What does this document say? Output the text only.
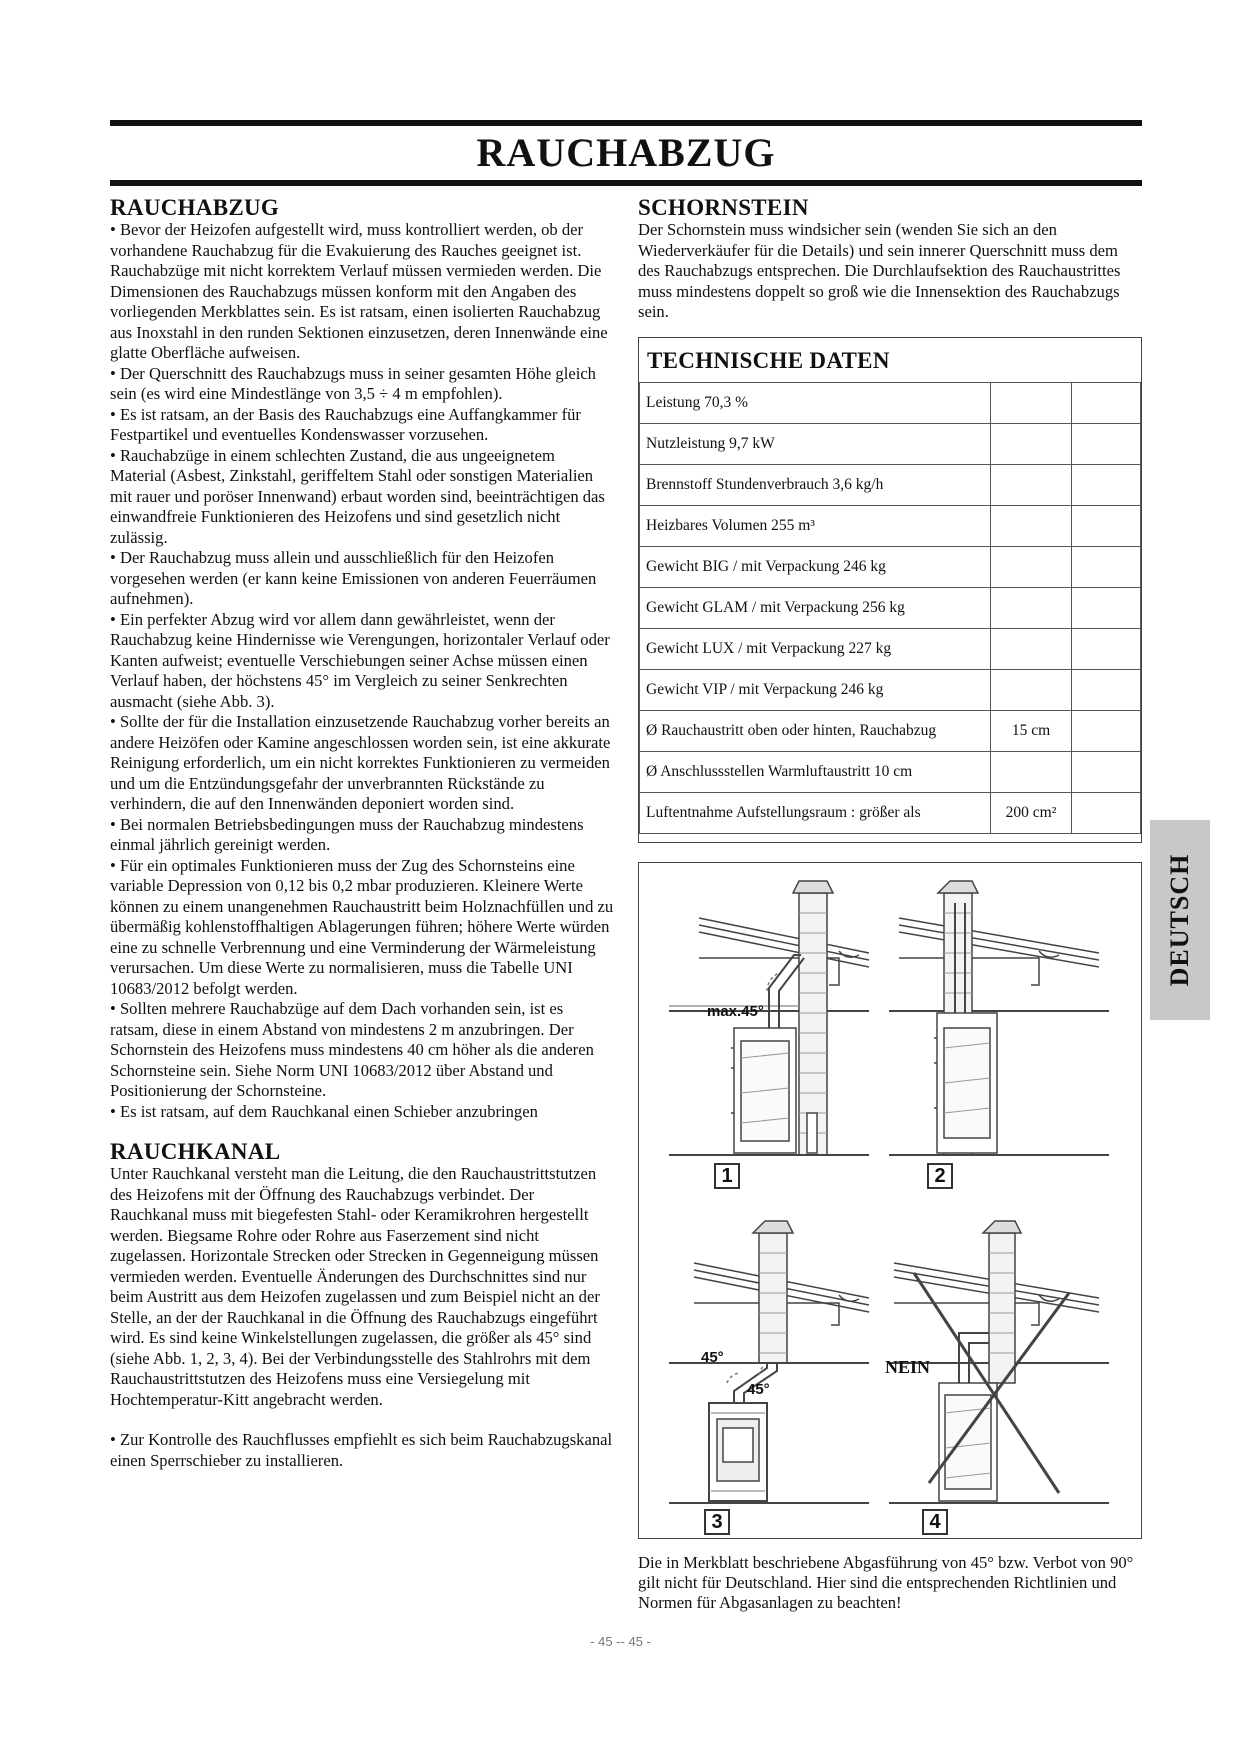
RAUCHABZUG
RAUCHABZUG

• Bevor der Heizofen aufgestellt wird, muss kontrolliert werden, ob der vorhandene Rauchabzug für die Evakuierung des Rauches geeignet ist. Rauchabzüge mit nicht korrektem Verlauf müssen vermieden werden. Die Dimensionen des Rauchabzugs müssen konform mit den Angaben des vorliegenden Merkblattes sein. Es ist ratsam, einen isolierten Rauchabzug aus Inoxstahl in den runden Sektionen einzusetzen, deren Innenwände eine glatte Oberfläche aufweisen.

• Der Querschnitt des Rauchabzugs muss in seiner gesamten Höhe gleich sein (es wird eine Mindestlänge von 3,5 ÷ 4 m empfohlen).

• Es ist ratsam, an der Basis des Rauchabzugs eine Auffangkammer für Festpartikel und eventuelles Kondenswasser vorzusehen.

• Rauchabzüge in einem schlechten Zustand, die aus ungeeignetem Material (Asbest, Zinkstahl, geriffeltem Stahl oder sonstigen Materialien mit rauer und poröser Innenwand) erbaut worden sind, beeinträchtigen das einwandfreie Funktionieren des Heizofens und sind gesetzlich nicht zulässig.

• Der Rauchabzug muss allein und ausschließlich für den Heizofen vorgesehen werden (er kann keine Emissionen von anderen Feuerräumen aufnehmen).

• Ein perfekter Abzug wird vor allem dann gewährleistet, wenn der Rauchabzug keine Hindernisse wie Verengungen, horizontaler Verlauf oder Kanten aufweist; eventuelle Verschiebungen seiner Achse müssen einen Verlauf haben, der höchstens 45° im Vergleich zu seiner Senkrechten ausmacht (siehe Abb. 3).

• Sollte der für die Installation einzusetzende Rauchabzug vorher bereits an andere Heizöfen oder Kamine angeschlossen worden sein, ist eine akkurate Reinigung erforderlich, um ein nicht korrektes Funktionieren zu vermeiden und um die Entzündungsgefahr der unverbrannten Rückstände zu verhindern, die auf den Innenwänden deponiert worden sind.

• Bei normalen Betriebsbedingungen muss der Rauchabzug mindestens einmal jährlich gereinigt werden.

• Für ein optimales Funktionieren muss der Zug des Schornsteins eine variable Depression von 0,12 bis 0,2 mbar produzieren. Kleinere Werte können zu einem unangenehmen Rauchaustritt beim Holznachfüllen und zu übermäßig kohlenstoffhaltigen Ablagerungen führen; höhere Werte würden eine zu schnelle Verbrennung und eine Verminderung der Wärmeleistung verursachen. Um diese Werte zu normalisieren, muss die Tabelle UNI 10683/2012 befolgt werden.

• Sollten mehrere Rauchabzüge auf dem Dach vorhanden sein, ist es ratsam, diese in einem Abstand von mindestens 2 m anzubringen. Der Schornstein des Heizofens muss mindestens 40 cm höher als die anderen Schornsteine sein. Siehe Norm UNI 10683/2012 über Abstand und Positionierung der Schornsteine.

• Es ist ratsam, auf dem Rauchkanal einen Schieber anzubringen

RAUCHKANAL

Unter Rauchkanal versteht man die Leitung, die den Rauchaustrittstutzen des Heizofens mit der Öffnung des Rauchabzugs verbindet. Der Rauchkanal muss mit biegefesten Stahl- oder Keramikrohren hergestellt werden. Biegsame Rohre oder Rohre aus Faserzement sind nicht zugelassen. Horizontale Strecken oder Strecken in Gegenneigung müssen vermieden werden. Eventuelle Änderungen des Durchschnittes sind nur beim Austritt aus dem Heizofen zugelassen und zum Beispiel nicht an der Stelle, an der der Rauchkanal in die Öffnung des Rauchabzugs eingeführt wird. Es sind keine Winkelstellungen zugelassen, die größer als 45° sind (siehe Abb. 1, 2, 3, 4). Bei der Verbindungsstelle des Stahlrohrs mit dem Rauchaustrittstutzen des Heizofens muss eine Versiegelung mit Hochtemperatur-Kitt angebracht werden.

• Zur Kontrolle des Rauchflusses empfiehlt es sich beim Rauchabzugskanal einen Sperrschieber zu installieren.

SCHORNSTEIN
Der Schornstein muss windsicher sein (wenden Sie sich an den Wiederverkäufer für die Details) und sein innerer Querschnitt muss dem des Rauchabzugs entsprechen. Die Durchlaufsektion des Rauchaustrittes muss mindestens doppelt so groß wie die Innensektion des Rauchabzugs sein.
TECHNISCHE DATEN
Leistung 70,3 %		
Nutzleistung 9,7 kW		
Brennstoff Stundenverbrauch 3,6 kg/h		
Heizbares Volumen 255 m³		
Gewicht BIG / mit Verpackung 246 kg		
Gewicht GLAM / mit Verpackung 256 kg		
Gewicht LUX / mit Verpackung 227 kg		
Gewicht VIP / mit Verpackung 246 kg		
Ø Rauchaustritt oben oder hinten, Rauchabzug	15 cm	
Ø Anschlussstellen Warmluftaustritt 10 cm		
Luftentnahme Aufstellungsraum : größer als	200 cm²	
DEUTSCH
max.45°
45°
45°
NEIN
1	2
3	4
Die in Merkblatt beschriebene Abgasführung von 45° bzw. Verbot von 90° gilt nicht für Deutschland. Hier sind die entsprechenden Richtlinien und Normen für Abgasanlagen zu beachten!
- 45 -- 45 -
